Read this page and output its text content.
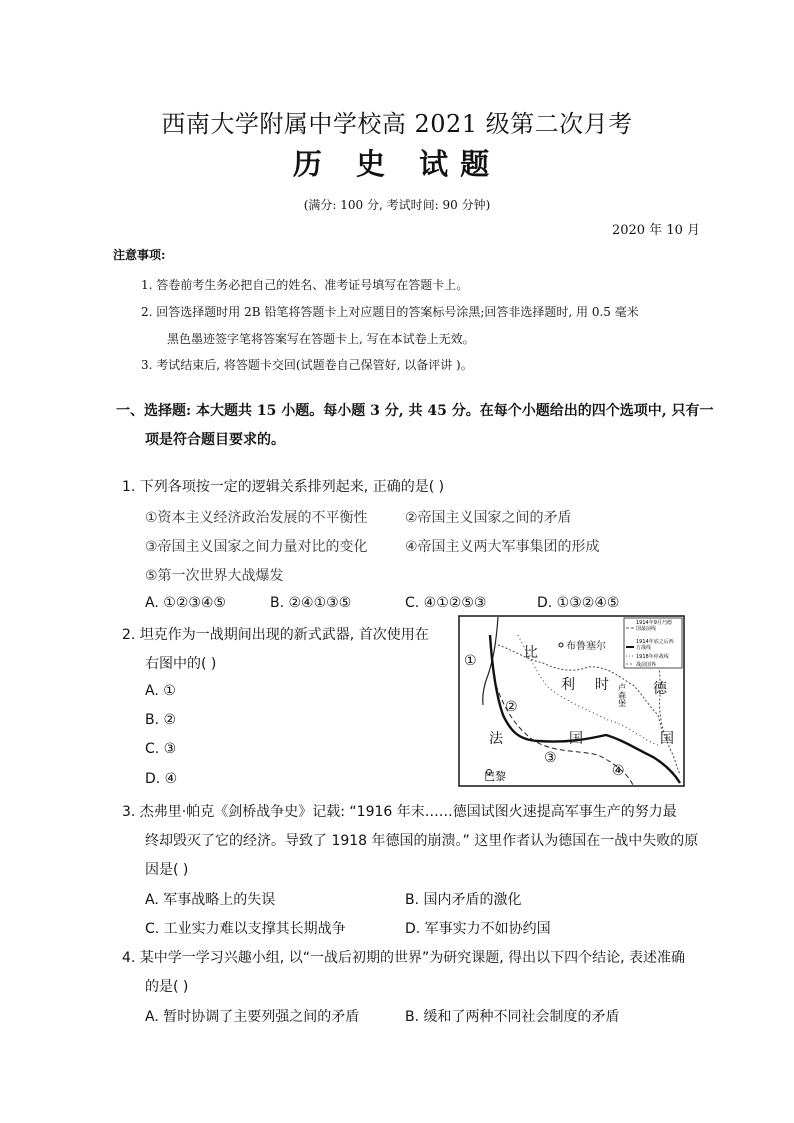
西南大学附属中学校高 2021 级第二次月考
历 史 试题
(满分: 100 分, 考试时间: 90 分钟)
2020 年 10 月
注意事项:
1. 答卷前考生务必把自己的姓名、准考证号填写在答题卡上。
2. 回答选择题时用 2B 铅笔将答题卡上对应题目的答案标号涂黑;回答非选择题时, 用 0.5 毫米
黑色墨迹签字笔将答案写在答题卡上, 写在本试卷上无效。
3. 考试结束后, 将答题卡交回(试题卷自己保管好, 以备评讲 )。
一、选择题: 本大题共 15 小题。每小题 3 分, 共 45 分。在每个小题给出的四个选项中, 只有一
项是符合题目要求的。
1. 下列各项按一定的逻辑关系排列起来, 正确的是( )
①资本主义经济政治发展的不平衡性	②帝国主义国家之间的矛盾
③帝国主义国家之间力量对比的变化	④帝国主义两大军事集团的形成
⑤第一次世界大战爆发
A. ①②③④⑤	B. ②④①③⑤	C. ④①②⑤③	D. ①③②④⑤
2. 坦克作为一战期间出现的新式武器, 首次使用在
右图中的( )
A. ①
B. ②
C. ③
D. ④
1914年9月乃德
国最前线
1914年底之后西
方战线
1918年停战线
战前国界
①
②
③
④
比
利 时	德
国
法	国
巴黎
布鲁塞尔
卢森堡
3. 杰弗里·帕克《剑桥战争史》记载: “1916 年末……德国试图火速提高军事生产的努力最
终却毁灭了它的经济。导致了 1918 年德国的崩溃。” 这里作者认为德国在一战中失败的原
因是( )
A. 军事战略上的失误	B. 国内矛盾的激化
C. 工业实力难以支撑其长期战争	D. 军事实力不如协约国
4. 某中学一学习兴趣小组, 以“一战后初期的世界”为研究课题, 得出以下四个结论, 表述准确
的是( )
A. 暂时协调了主要列强之间的矛盾	B. 缓和了两种不同社会制度的矛盾
